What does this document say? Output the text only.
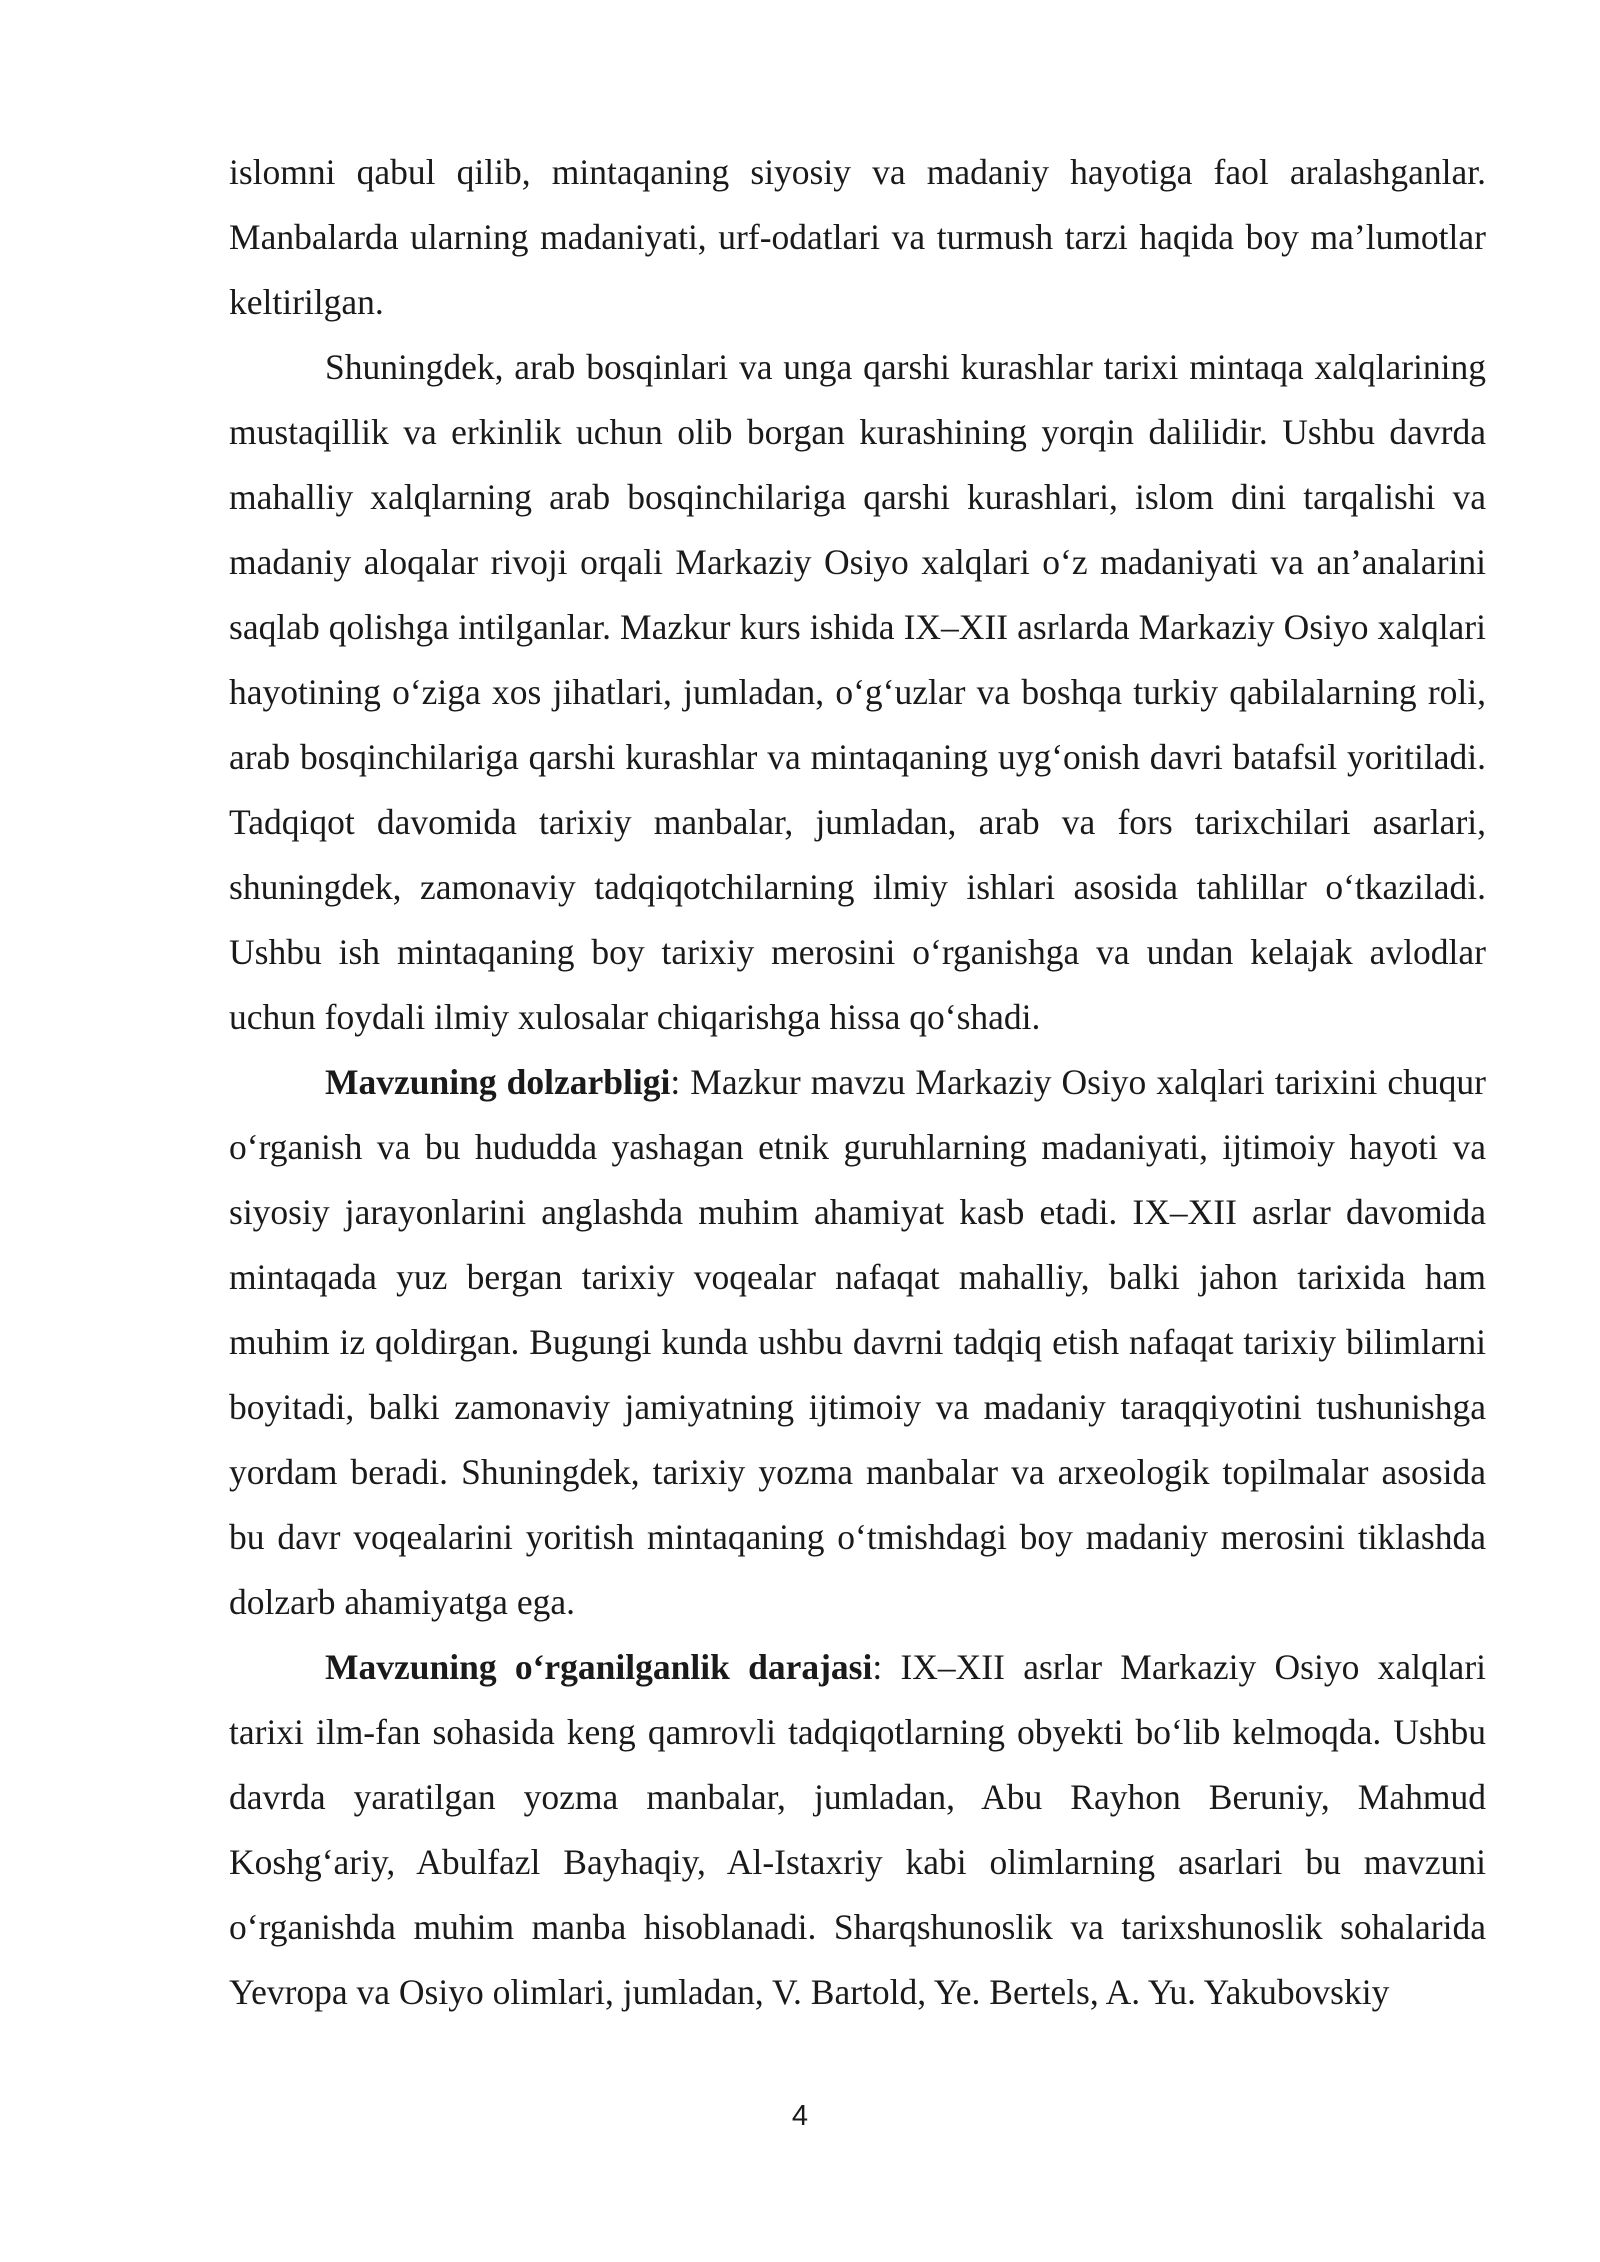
islomni qabul qilib, mintaqaning siyosiy va madaniy hayotiga faol aralashganlar. Manbalarda ularning madaniyati, urf-odatlari va turmush tarzi haqida boy ma’lumotlar keltirilgan.

Shuningdek, arab bosqinlari va unga qarshi kurashlar tarixi mintaqa xalqlarining mustaqillik va erkinlik uchun olib borgan kurashining yorqin dalilidir. Ushbu davrda mahalliy xalqlarning arab bosqinchilariga qarshi kurashlari, islom dini tarqalishi va madaniy aloqalar rivoji orqali Markaziy Osiyo xalqlari o‘z madaniyati va an’analarini saqlab qolishga intilganlar. Mazkur kurs ishida IX–XII asrlarda Markaziy Osiyo xalqlari hayotining o‘ziga xos jihatlari, jumladan, o‘g‘uzlar va boshqa turkiy qabilalarning roli, arab bosqinchilariga qarshi kurashlar va mintaqaning uyg‘onish davri batafsil yoritiladi. Tadqiqot davomida tarixiy manbalar, jumladan, arab va fors tarixchilari asarlari, shuningdek, zamonaviy tadqiqotchilarning ilmiy ishlari asosida tahlillar o‘tkaziladi. Ushbu ish mintaqaning boy tarixiy merosini o‘rganishga va undan kelajak avlodlar uchun foydali ilmiy xulosalar chiqarishga hissa qo‘shadi.

Mavzuning dolzarbligi: Mazkur mavzu Markaziy Osiyo xalqlari tarixini chuqur o‘rganish va bu hududda yashagan etnik guruhlarning madaniyati, ijtimoiy hayoti va siyosiy jarayonlarini anglashda muhim ahamiyat kasb etadi. IX–XII asrlar davomida mintaqada yuz bergan tarixiy voqealar nafaqat mahalliy, balki jahon tarixida ham muhim iz qoldirgan. Bugungi kunda ushbu davrni tadqiq etish nafaqat tarixiy bilimlarni boyitadi, balki zamonaviy jamiyatning ijtimoiy va madaniy taraqqiyotini tushunishga yordam beradi. Shuningdek, tarixiy yozma manbalar va arxeologik topilmalar asosida bu davr voqealarini yoritish mintaqaning o‘tmishdagi boy madaniy merosini tiklashda dolzarb ahamiyatga ega.

Mavzuning o‘rganilganlik darajasi: IX–XII asrlar Markaziy Osiyo xalqlari tarixi ilm-fan sohasida keng qamrovli tadqiqotlarning obyekti bo‘lib kelmoqda. Ushbu davrda yaratilgan yozma manbalar, jumladan, Abu Rayhon Beruniy, Mahmud Koshg‘ariy, Abulfazl Bayhaqiy, Al-Istaxriy kabi olimlarning asarlari bu mavzuni o‘rganishda muhim manba hisoblanadi. Sharqshunoslik va tarixshunoslik sohalarida Yevropa va Osiyo olimlari, jumladan, V. Bartold, Ye. Bertels, A. Yu. Yakubovskiy

4
